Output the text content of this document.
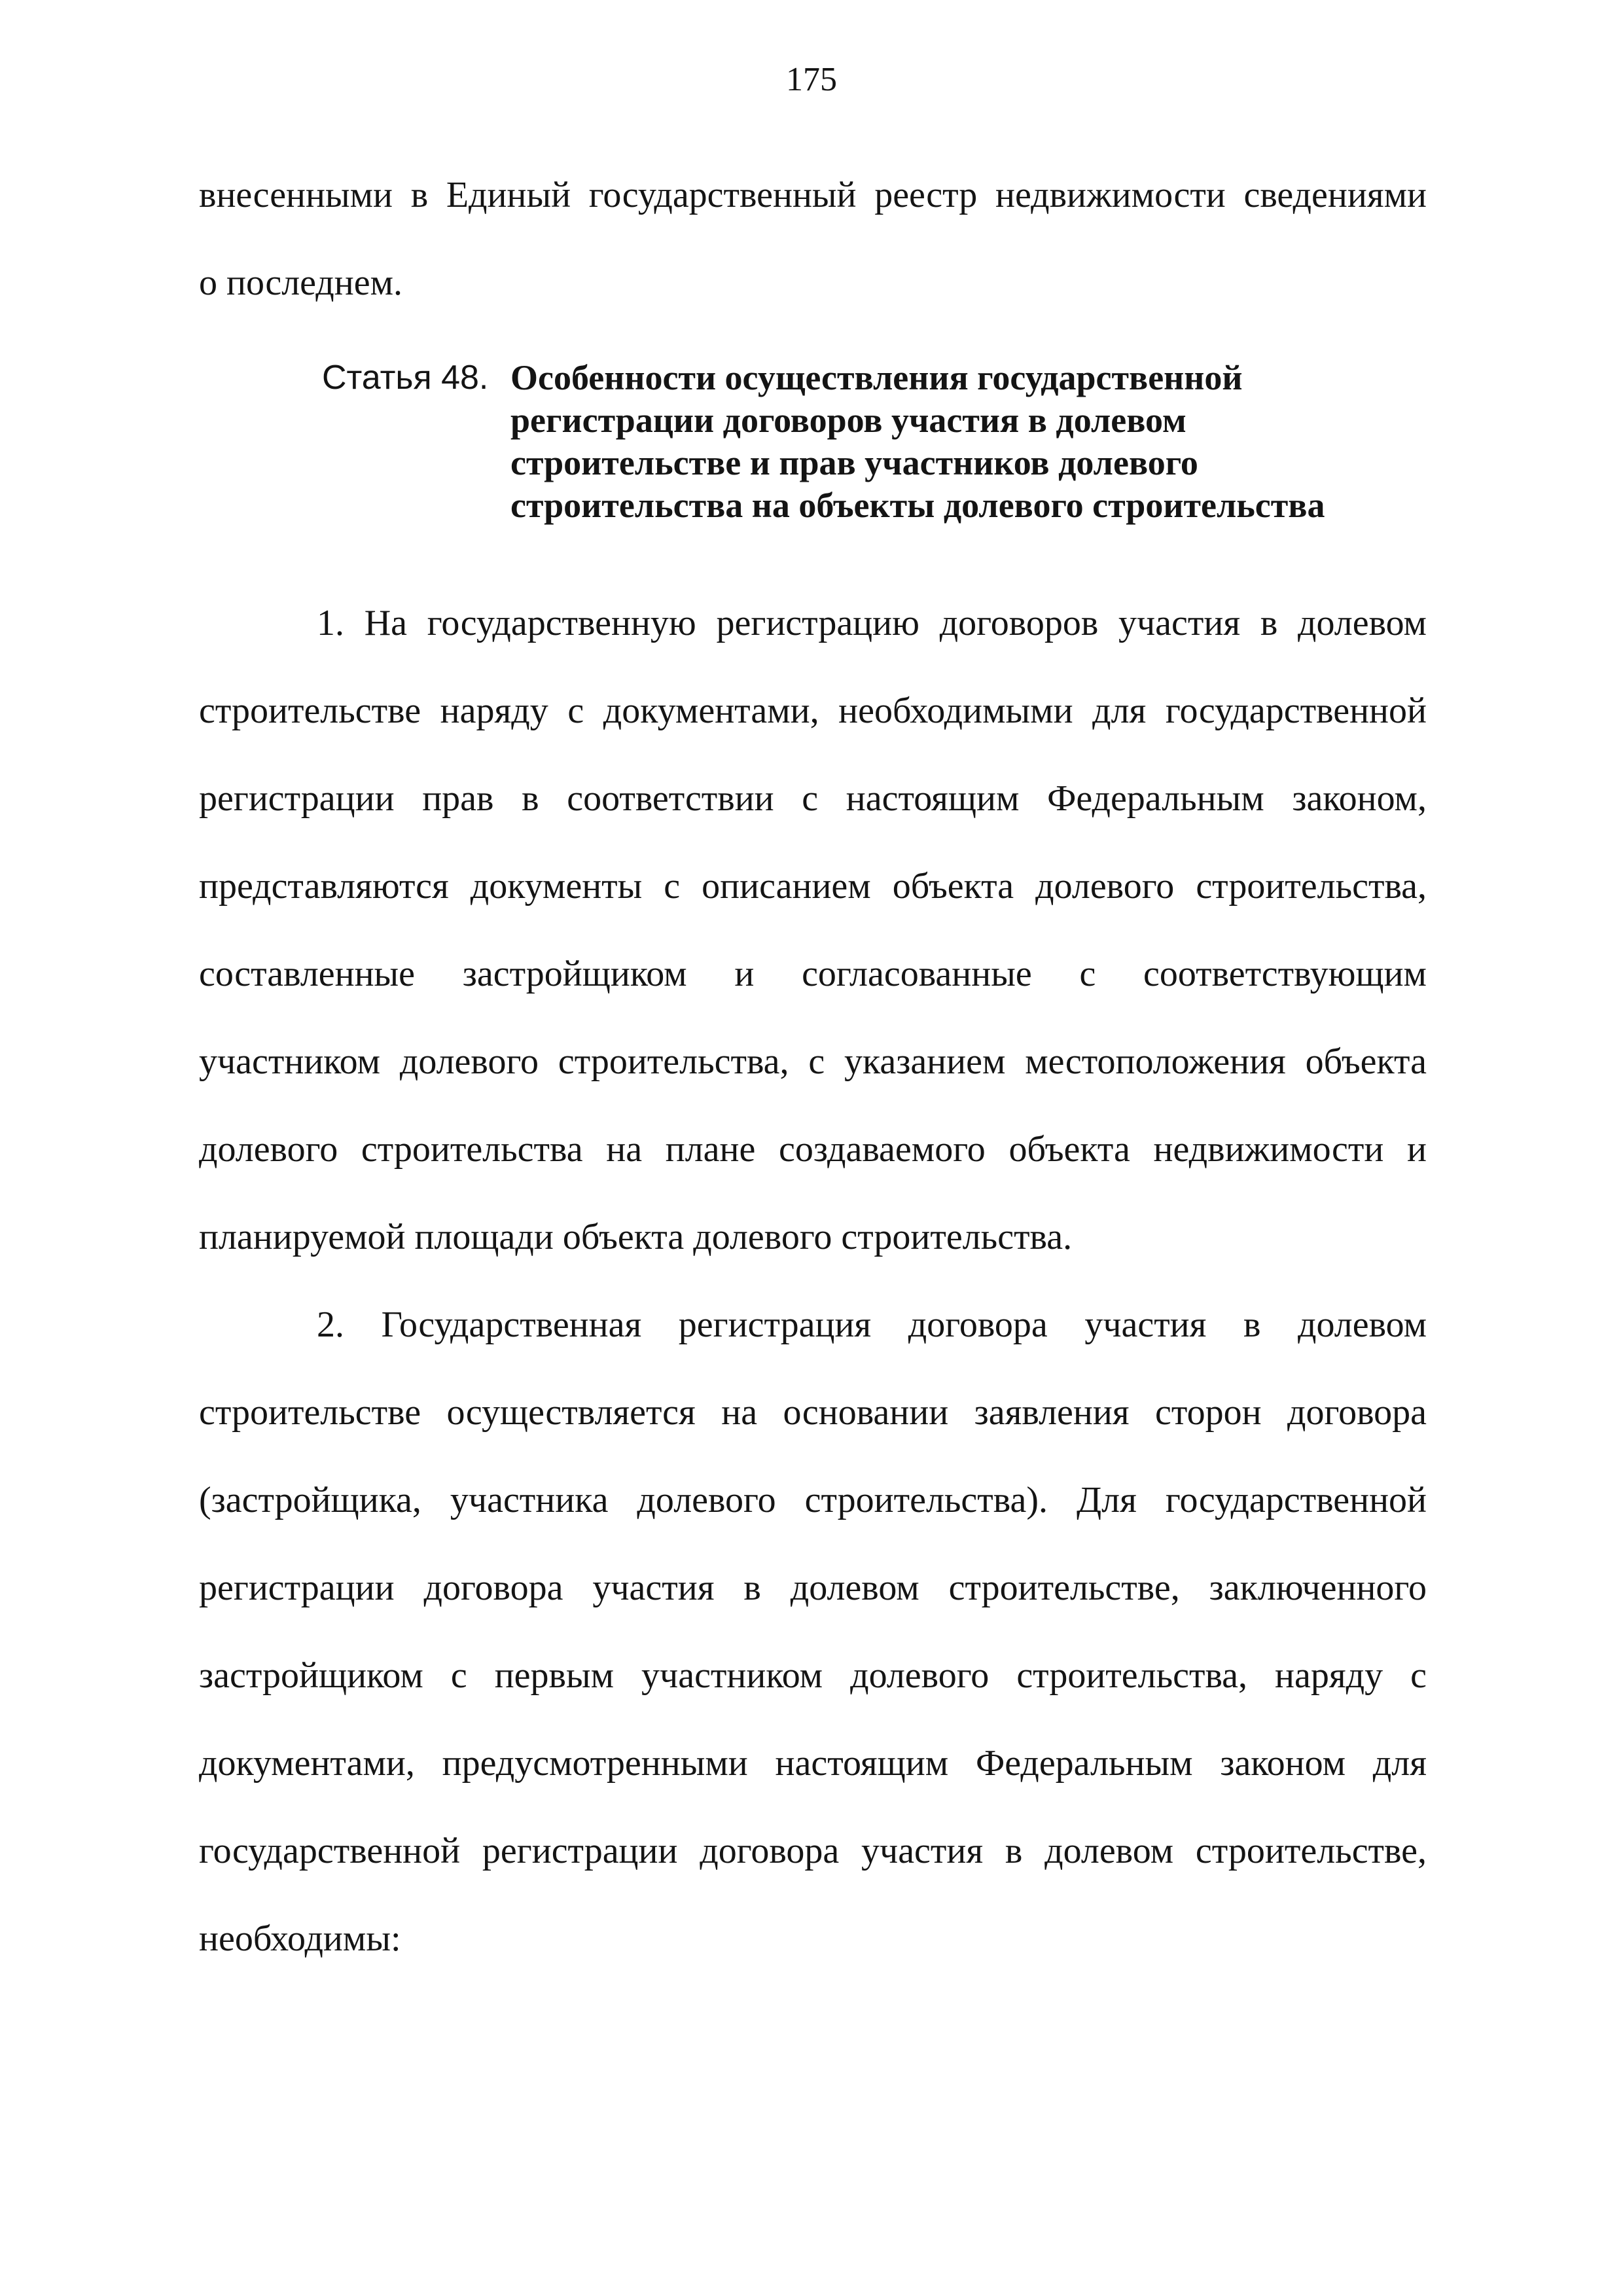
175
внесенными в Единый государственный реестр недвижимости сведениями
о последнем.
Статья 48. Особенности осуществления государственной
регистрации договоров участия в долевом
строительстве и прав участников долевого
строительства на объекты долевого строительства
1. На государственную регистрацию договоров участия в долевом
строительстве наряду с документами, необходимыми для государственной
регистрации прав в соответствии с настоящим Федеральным законом,
представляются документы с описанием объекта долевого строительства,
составленные застройщиком и согласованные с соответствующим
участником долевого строительства, с указанием местоположения объекта
долевого строительства на плане создаваемого объекта недвижимости и
планируемой площади объекта долевого строительства.
2. Государственная регистрация договора участия в долевом
строительстве осуществляется на основании заявления сторон договора
(застройщика, участника долевого строительства). Для государственной
регистрации договора участия в долевом строительстве, заключенного
застройщиком с первым участником долевого строительства, наряду с
документами, предусмотренными настоящим Федеральным законом для
государственной регистрации договора участия в долевом строительстве,
необходимы:
